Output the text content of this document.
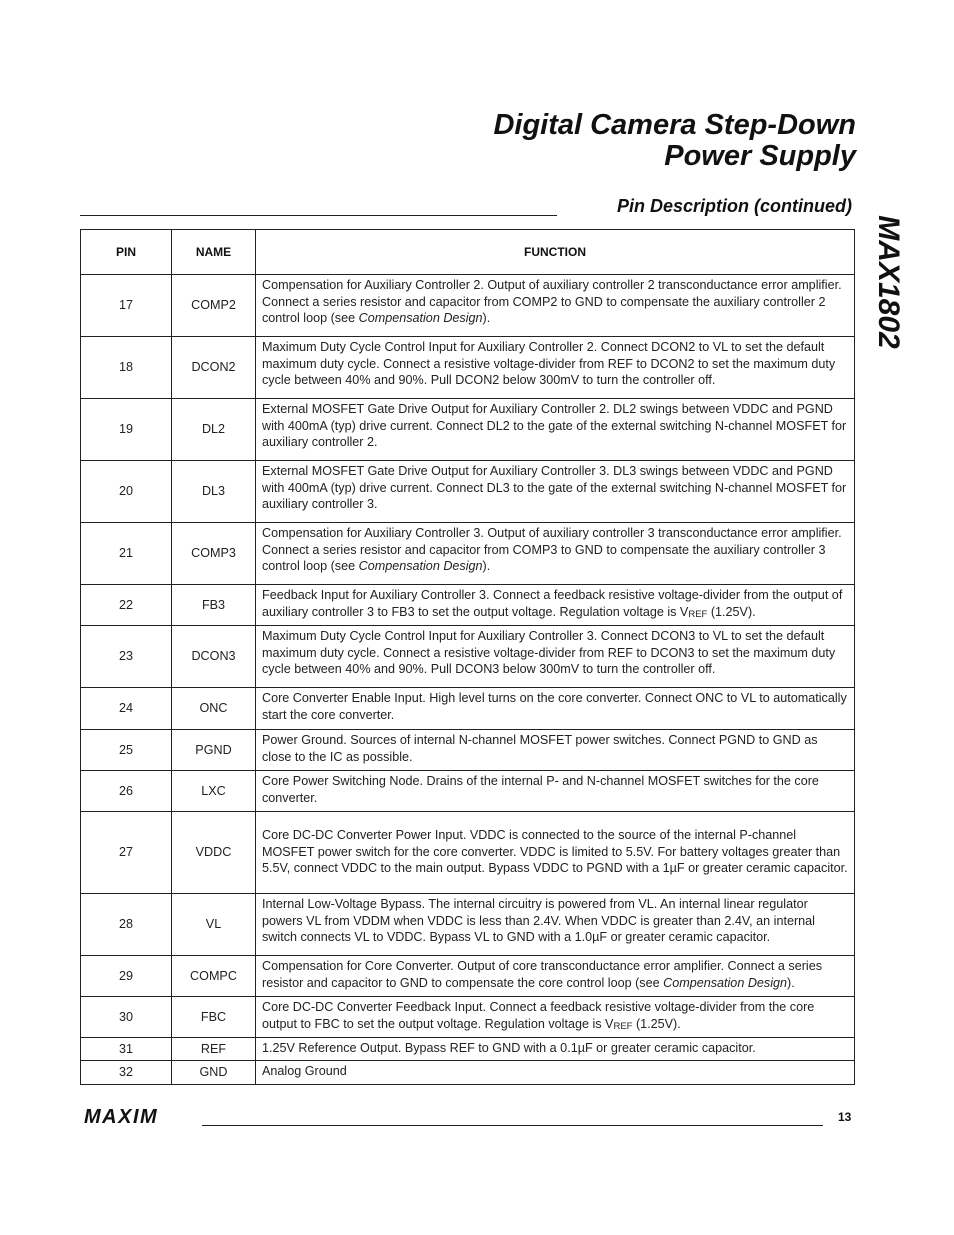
Digital Camera Step-Down
Power Supply
Pin Description (continued)
MAX1802
PIN	NAME	FUNCTION
17	COMP2	Compensation for Auxiliary Controller 2. Output of auxiliary controller 2 transconductance error amplifier. Connect a series resistor and capacitor from COMP2 to GND to compensate the auxiliary controller 2 control loop (see Compensation Design).
18	DCON2	Maximum Duty Cycle Control Input for Auxiliary Controller 2. Connect DCON2 to VL to set the default maximum duty cycle. Connect a resistive voltage-divider from REF to DCON2 to set the maximum duty cycle between 40% and 90%. Pull DCON2 below 300mV to turn the controller off.
19	DL2	External MOSFET Gate Drive Output for Auxiliary Controller 2. DL2 swings between VDDC and PGND with 400mA (typ) drive current. Connect DL2 to the gate of the external switching N-channel MOSFET for auxiliary controller 2.
20	DL3	External MOSFET Gate Drive Output for Auxiliary Controller 3. DL3 swings between VDDC and PGND with 400mA (typ) drive current. Connect DL3 to the gate of the external switching N-channel MOSFET for auxiliary controller 3.
21	COMP3	Compensation for Auxiliary Controller 3. Output of auxiliary controller 3 transconductance error amplifier. Connect a series resistor and capacitor from COMP3 to GND to compensate the auxiliary controller 3 control loop (see Compensation Design).
22	FB3	Feedback Input for Auxiliary Controller 3. Connect a feedback resistive voltage-divider from the output of auxiliary controller 3 to FB3 to set the output voltage. Regulation voltage is $V_{REF}$ (1.25V).
23	DCON3	Maximum Duty Cycle Control Input for Auxiliary Controller 3. Connect DCON3 to VL to set the default maximum duty cycle. Connect a resistive voltage-divider from REF to DCON3 to set the maximum duty cycle between 40% and 90%. Pull DCON3 below 300mV to turn the controller off.
24	ONC	Core Converter Enable Input. High level turns on the core converter. Connect ONC to VL to automatically start the core converter.
25	PGND	Power Ground. Sources of internal N-channel MOSFET power switches. Connect PGND to GND as close to the IC as possible.
26	LXC	Core Power Switching Node. Drains of the internal P- and N-channel MOSFET switches for the core converter.
27	VDDC	Core DC-DC Converter Power Input. VDDC is connected to the source of the internal P-channel MOSFET power switch for the core converter. VDDC is limited to 5.5V. For battery voltages greater than 5.5V, connect VDDC to the main output. Bypass VDDC to PGND with a 1µF or greater ceramic capacitor.
28	VL	Internal Low-Voltage Bypass. The internal circuitry is powered from VL. An internal linear regulator powers VL from VDDM when VDDC is less than 2.4V. When VDDC is greater than 2.4V, an internal switch connects VL to VDDC. Bypass VL to GND with a 1.0µF or greater ceramic capacitor.
29	COMPC	Compensation for Core Converter. Output of core transconductance error amplifier. Connect a series resistor and capacitor to GND to compensate the core control loop (see Compensation Design).
30	FBC	Core DC-DC Converter Feedback Input. Connect a feedback resistive voltage-divider from the core output to FBC to set the output voltage. Regulation voltage is $V_{REF}$ (1.25V).
31	REF	1.25V Reference Output. Bypass REF to GND with a 0.1µF or greater ceramic capacitor.
32	GND	Analog Ground
MAXIM	13
